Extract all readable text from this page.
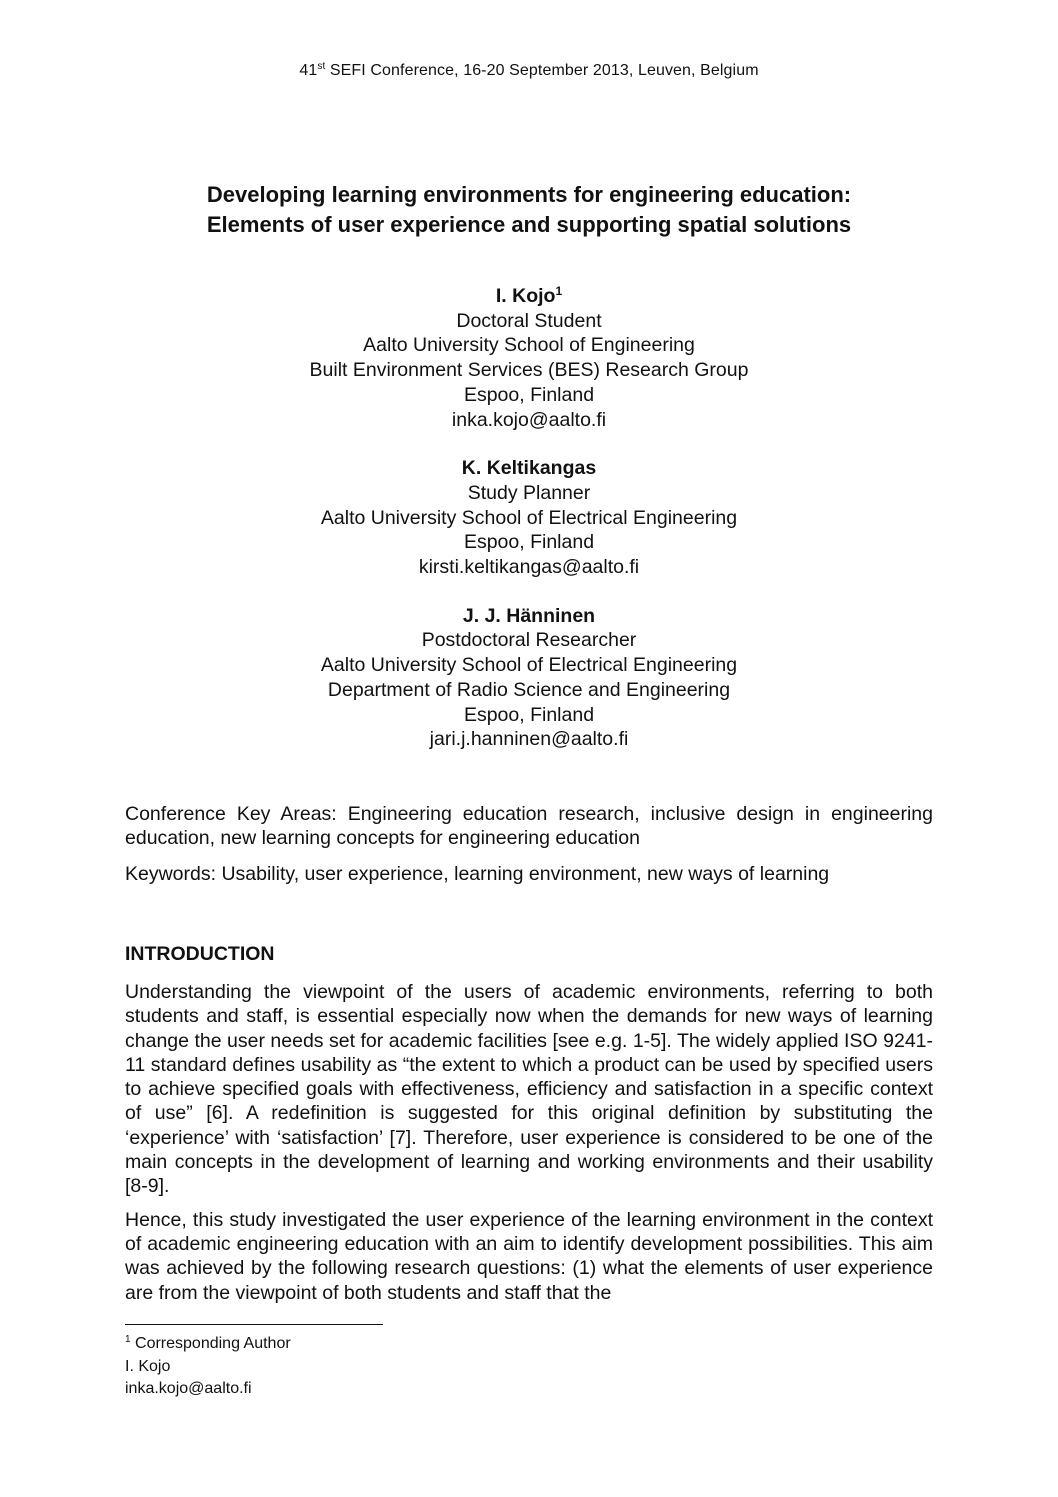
41st SEFI Conference, 16-20 September 2013, Leuven, Belgium
Developing learning environments for engineering education:
Elements of user experience and supporting spatial solutions
I. Kojo$^1$
Doctoral Student
Aalto University School of Engineering
Built Environment Services (BES) Research Group
Espoo, Finland
inka.kojo@aalto.fi
K. Keltikangas
Study Planner
Aalto University School of Electrical Engineering
Espoo, Finland
kirsti.keltikangas@aalto.fi
J. J. Hänninen
Postdoctoral Researcher
Aalto University School of Electrical Engineering
Department of Radio Science and Engineering
Espoo, Finland
jari.j.hanninen@aalto.fi
Conference Key Areas: Engineering education research, inclusive design in engineering education, new learning concepts for engineering education
Keywords: Usability, user experience, learning environment, new ways of learning
INTRODUCTION

Understanding the viewpoint of the users of academic environments, referring to both students and staff, is essential especially now when the demands for new ways of learning change the user needs set for academic facilities [see e.g. 1-5]. The widely applied ISO 9241-11 standard defines usability as “the extent to which a product can be used by specified users to achieve specified goals with effectiveness, efficiency and satisfaction in a specific context of use” [6]. A redefinition is suggested for this original definition by substituting the ‘experience’ with ‘satisfaction’ [7]. Therefore, user experience is considered to be one of the main concepts in the development of learning and working environments and their usability [8-9].

Hence, this study investigated the user experience of the learning environment in the context of academic engineering education with an aim to identify development possibilities. This aim was achieved by the following research questions: (1) what the elements of user experience are from the viewpoint of both students and staff that the

$^1$ Corresponding Author
I. Kojo
inka.kojo@aalto.fi
